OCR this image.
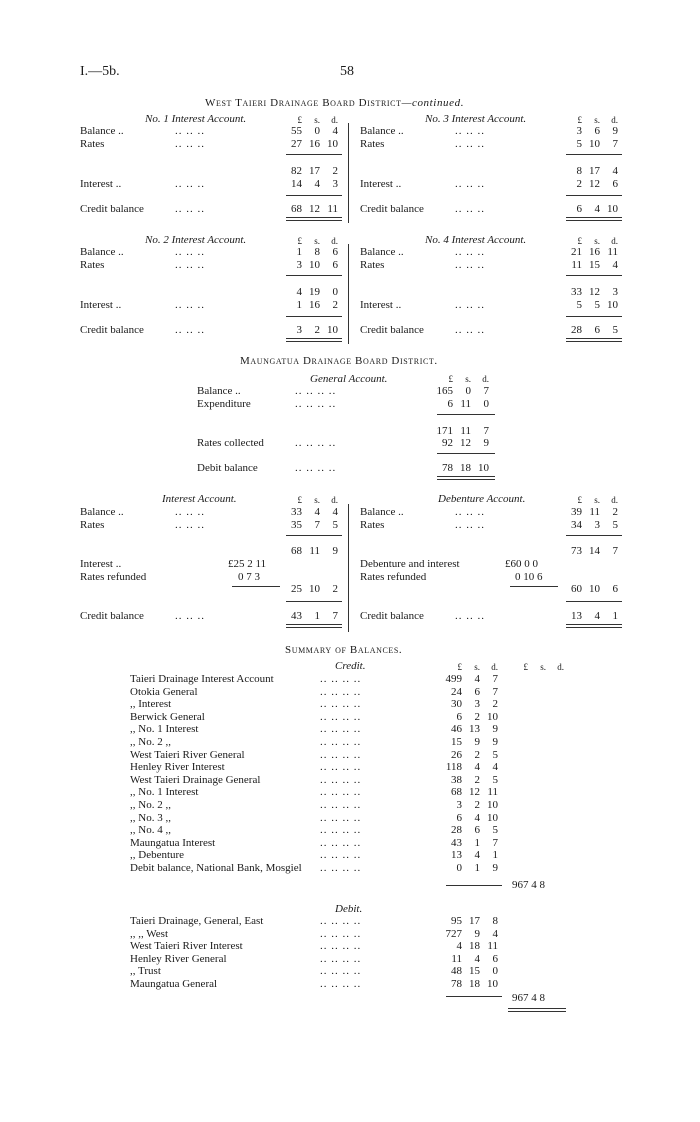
I.—5b.	58
West Taieri Drainage Board District—continued.
No. 1 Interest Account.	£ s. d.
Balance ..	.. .. ..	55 0 4
Rates	.. .. ..	27 16 10
82 17 2
Interest ..	.. .. ..	14 4 3
Credit balance	.. .. ..	68 12 11
No. 3 Interest Account.	£ s. d.
Balance ..	.. .. ..	3 6 9
Rates	.. .. ..	5 10 7
8 17 4
Interest ..	.. .. ..	2 12 6
Credit balance	.. .. ..	6 4 10
No. 2 Interest Account.	£ s. d.
Balance ..	.. .. ..	1 8 6
Rates	.. .. ..	3 10 6
4 19 0
Interest ..	.. .. ..	1 16 2
Credit balance	.. .. ..	3 2 10
No. 4 Interest Account.	£ s. d.
Balance ..	.. .. ..	21 16 11
Rates	.. .. ..	11 15 4
33 12 3
Interest ..	.. .. ..	5 5 10
Credit balance	.. .. ..	28 6 5
Maungatua Drainage Board District.
General Account.	£ s. d.
Balance ..	.. .. .. ..	165 0 7
Expenditure	.. .. .. ..	6 11 0
171 11 7
Rates collected	.. .. .. ..	92 12 9
Debit balance	.. .. .. ..	78 18 10
Interest Account.	£ s. d.
Balance ..	.. .. ..	33 4 4
Rates	.. .. ..	35 7 5
68 11 9
Interest ..	£25 2 11
Rates refunded	0 7 3
25 10 2
Credit balance	.. .. ..	43 1 7
Debenture Account.	£ s. d.
Balance ..	.. .. ..	39 11 2
Rates	.. .. ..	34 3 5
73 14 7
Debenture and interest	£60 0 0
Rates refunded	0 10 6
60 10 6
Credit balance	.. .. ..	13 4 1
Summary of Balances.
Credit.	£ s. d.	£ s. d.
Taieri Drainage Interest Account	.. .. .. ..	499 4 7
Otokia General	.. .. .. ..	24 6 7
,, Interest	.. .. .. ..	30 3 2
Berwick General	.. .. .. ..	6 2 10
,, No. 1 Interest	.. .. .. ..	46 13 9
,, No. 2 ,,	.. .. .. ..	15 9 9
West Taieri River General	.. .. .. ..	26 2 5
Henley River Interest	.. .. .. ..	118 4 4
West Taieri Drainage General	.. .. .. ..	38 2 5
,, No. 1 Interest	.. .. .. ..	68 12 11
,, No. 2 ,,	.. .. .. ..	3 2 10
,, No. 3 ,,	.. .. .. ..	6 4 10
,, No. 4 ,,	.. .. .. ..	28 6 5
Maungatua Interest	.. .. .. ..	43 1 7
,, Debenture	.. .. .. ..	13 4 1
Debit balance, National Bank, Mosgiel .. .. .. ..	0 1 9
967 4 8
Debit.
Taieri Drainage, General, East	.. .. .. ..	95 17 8
,, ,, West	.. .. .. ..	727 9 4
West Taieri River Interest	.. .. .. ..	4 18 11
Henley River General	.. .. .. ..	11 4 6
,, Trust	.. .. .. ..	48 15 0
Maungatua General	.. .. .. ..	78 18 10
967 4 8
